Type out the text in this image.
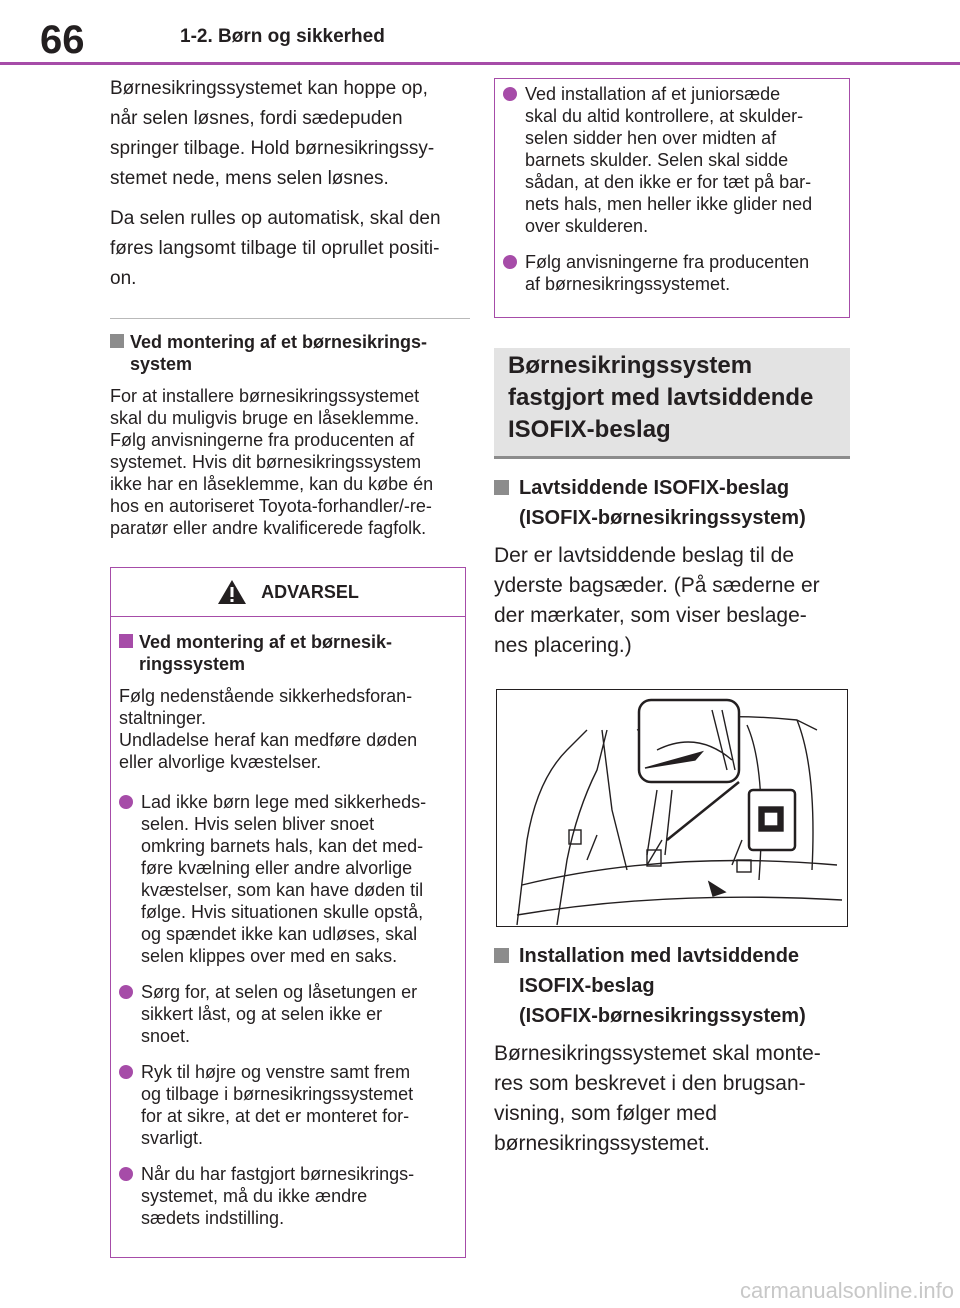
66	1-2. Børn og sikkerhed

Børnesikringssystemet kan hoppe op,
når selen løsnes, fordi sædepuden
springer tilbage. Hold børnesikringssy-
stemet nede, mens selen løsnes.

Da selen rulles op automatisk, skal den
føres langsomt tilbage til oprullet positi-
on.

Ved montering af et børnesikrings-
system

For at installere børnesikringssystemet
skal du muligvis bruge en låseklemme.
Følg anvisningerne fra producenten af
systemet. Hvis dit børnesikringssystem
ikke har en låseklemme, kan du købe én
hos en autoriseret Toyota-forhandler/-re-
paratør eller andre kvalificerede fagfolk.

ADVARSEL
Ved montering af et børnesik-
ringssystem

Følg nedenstående sikkerhedsforan-
staltninger.
Undladelse heraf kan medføre døden
eller alvorlige kvæstelser.

Lad ikke børn lege med sikkerheds-
selen. Hvis selen bliver snoet
omkring barnets hals, kan det med-
føre kvælning eller andre alvorlige
kvæstelser, som kan have døden til
følge. Hvis situationen skulle opstå,
og spændet ikke kan udløses, skal
selen klippes over med en saks.
Sørg for, at selen og låsetungen er
sikkert låst, og at selen ikke er
snoet.
Ryk til højre og venstre samt frem
og tilbage i børnesikringssystemet
for at sikre, at det er monteret for-
svarligt.
Når du har fastgjort børnesikrings-
systemet, må du ikke ændre
sædets indstilling.
Ved installation af et juniorsæde
skal du altid kontrollere, at skulder-
selen sidder hen over midten af
barnets skulder. Selen skal sidde
sådan, at den ikke er for tæt på bar-
nets hals, men heller ikke glider ned
over skulderen.
Følg anvisningerne fra producenten
af børnesikringssystemet.
Børnesikringssystem
fastgjort med lavtsiddende
ISOFIX-beslag
Lavtsiddende ISOFIX-beslag
(ISOFIX-børnesikringssystem)

Der er lavtsiddende beslag til de
yderste bagsæder. (På sæderne er
der mærkater, som viser beslage-
nes placering.)

Installation med lavtsiddende
ISOFIX-beslag
(ISOFIX-børnesikringssystem)

Børnesikringssystemet skal monte-
res som beskrevet i den brugsan-
visning, som følger med
børnesikringssystemet.

carmanualsonline.info
